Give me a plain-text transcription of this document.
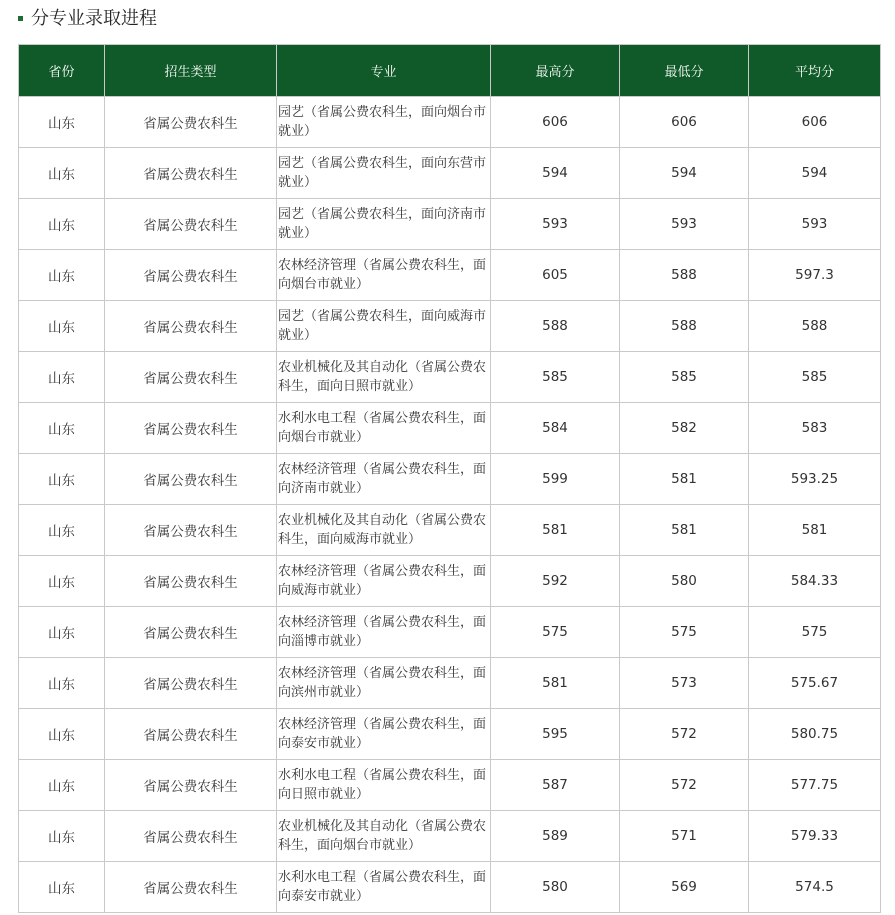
分专业录取进程
省份	招生类型	专业	最高分	最低分	平均分
山东	省属公费农科生	园艺（省属公费农科生，面向烟台市就业）	606	606	606
山东	省属公费农科生	园艺（省属公费农科生，面向东营市就业）	594	594	594
山东	省属公费农科生	园艺（省属公费农科生，面向济南市就业）	593	593	593
山东	省属公费农科生	农林经济管理（省属公费农科生，面向烟台市就业）	605	588	597.3
山东	省属公费农科生	园艺（省属公费农科生，面向威海市就业）	588	588	588
山东	省属公费农科生	农业机械化及其自动化（省属公费农科生，面向日照市就业）	585	585	585
山东	省属公费农科生	水利水电工程（省属公费农科生，面向烟台市就业）	584	582	583
山东	省属公费农科生	农林经济管理（省属公费农科生，面向济南市就业）	599	581	593.25
山东	省属公费农科生	农业机械化及其自动化（省属公费农科生，面向威海市就业）	581	581	581
山东	省属公费农科生	农林经济管理（省属公费农科生，面向威海市就业）	592	580	584.33
山东	省属公费农科生	农林经济管理（省属公费农科生，面向淄博市就业）	575	575	575
山东	省属公费农科生	农林经济管理（省属公费农科生，面向滨州市就业）	581	573	575.67
山东	省属公费农科生	农林经济管理（省属公费农科生，面向泰安市就业）	595	572	580.75
山东	省属公费农科生	水利水电工程（省属公费农科生，面向日照市就业）	587	572	577.75
山东	省属公费农科生	农业机械化及其自动化（省属公费农科生，面向烟台市就业）	589	571	579.33
山东	省属公费农科生	水利水电工程（省属公费农科生，面向泰安市就业）	580	569	574.5
